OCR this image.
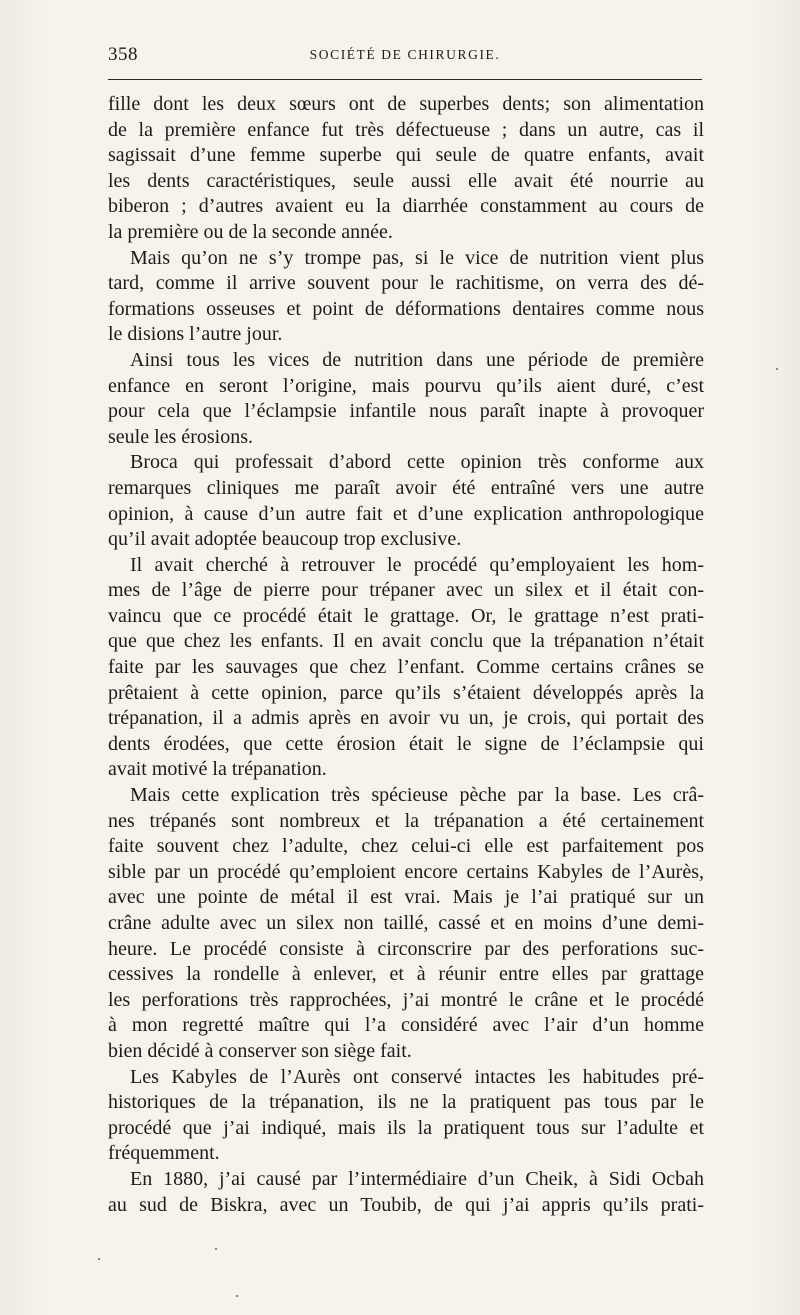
358	SOCIÉTÉ DE CHIRURGIE.
fille dont les deux sœurs ont de superbes dents; son alimentation
de la première enfance fut très défectueuse ; dans un autre, cas il
sagissait d’une femme superbe qui seule de quatre enfants, avait
les dents caractéristiques, seule aussi elle avait été nourrie au
biberon ; d’autres avaient eu la diarrhée constamment au cours de
la première ou de la seconde année.
Mais qu’on ne s’y trompe pas, si le vice de nutrition vient plus
tard, comme il arrive souvent pour le rachitisme, on verra des dé-
formations osseuses et point de déformations dentaires comme nous
le disions l’autre jour.
Ainsi tous les vices de nutrition dans une période de première
enfance en seront l’origine, mais pourvu qu’ils aient duré, c’est
pour cela que l’éclampsie infantile nous paraît inapte à provoquer
seule les érosions.
Broca qui professait d’abord cette opinion très conforme aux
remarques cliniques me paraît avoir été entraîné vers une autre
opinion, à cause d’un autre fait et d’une explication anthropologique
qu’il avait adoptée beaucoup trop exclusive.
Il avait cherché à retrouver le procédé qu’employaient les hom-
mes de l’âge de pierre pour trépaner avec un silex et il était con-
vaincu que ce procédé était le grattage. Or, le grattage n’est prati-
que que chez les enfants. Il en avait conclu que la trépanation n’était
faite par les sauvages que chez l’enfant. Comme certains crânes se
prêtaient à cette opinion, parce qu’ils s’étaient développés après la
trépanation, il a admis après en avoir vu un, je crois, qui portait des
dents érodées, que cette érosion était le signe de l’éclampsie qui
avait motivé la trépanation.
Mais cette explication très spécieuse pèche par la base. Les crâ-
nes trépanés sont nombreux et la trépanation a été certainement
faite souvent chez l’adulte, chez celui-ci elle est parfaitement pos
sible par un procédé qu’emploient encore certains Kabyles de l’Aurès,
avec une pointe de métal il est vrai. Mais je l’ai pratiqué sur un
crâne adulte avec un silex non taillé, cassé et en moins d’une demi-
heure. Le procédé consiste à circonscrire par des perforations suc-
cessives la rondelle à enlever, et à réunir entre elles par grattage
les perforations très rapprochées, j’ai montré le crâne et le procédé
à mon regretté maître qui l’a considéré avec l’air d’un homme
bien décidé à conserver son siège fait.
Les Kabyles de l’Aurès ont conservé intactes les habitudes pré-
historiques de la trépanation, ils ne la pratiquent pas tous par le
procédé que j’ai indiqué, mais ils la pratiquent tous sur l’adulte et
fréquemment.
En 1880, j’ai causé par l’intermédiaire d’un Cheik, à Sidi Ocbah
au sud de Biskra, avec un Toubib, de qui j’ai appris qu’ils prati-
